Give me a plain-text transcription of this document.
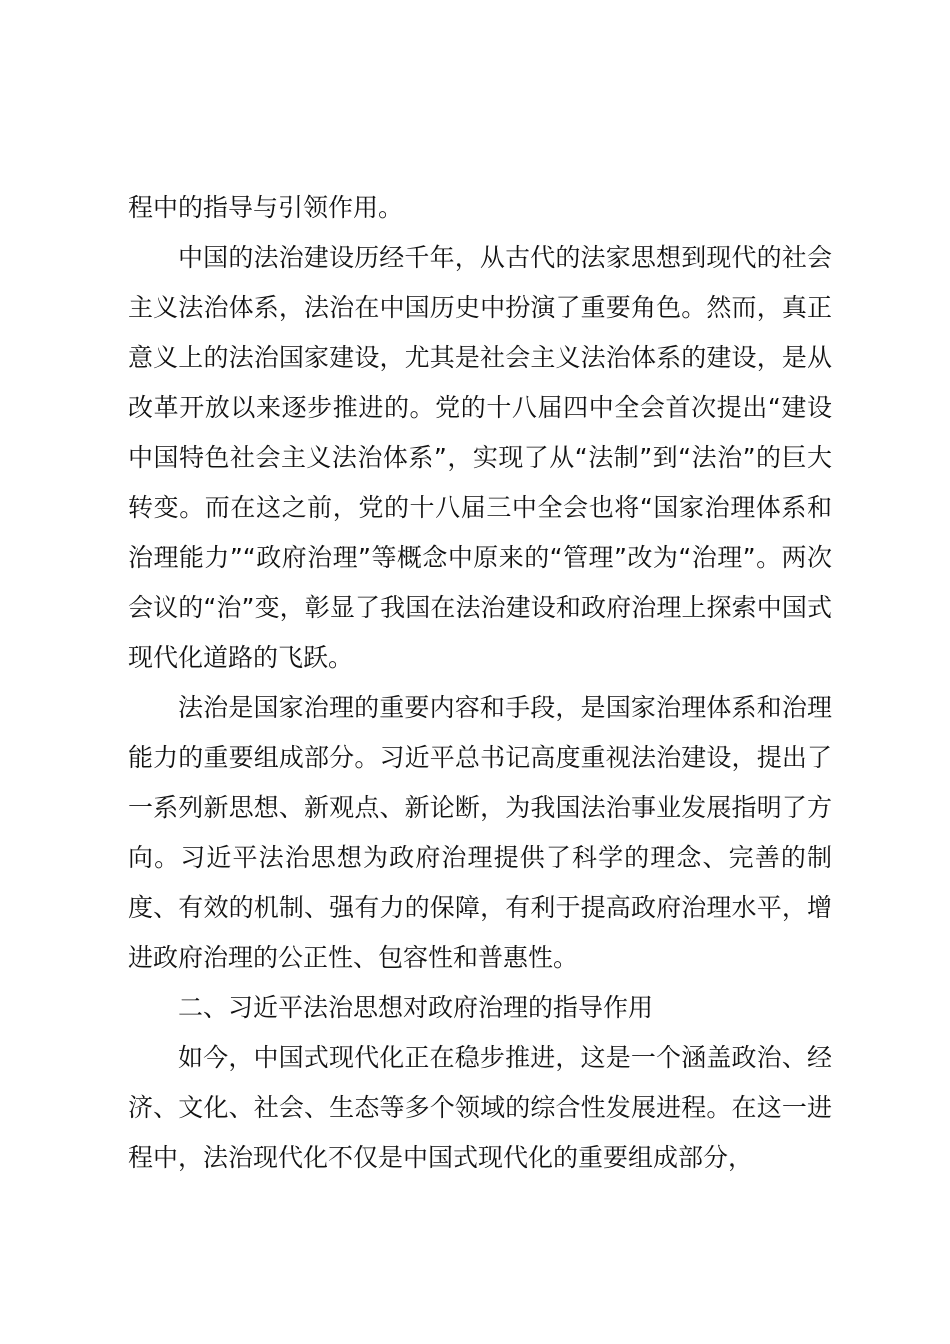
程中的指导与引领作用。

中国的法治建设历经千年，从古代的法家思想到现代的社会主义法治体系，法治在中国历史中扮演了重要角色。然而，真正意义上的法治国家建设，尤其是社会主义法治体系的建设，是从改革开放以来逐步推进的。党的十八届四中全会首次提出“建设中国特色社会主义法治体系”，实现了从“法制”到“法治”的巨大转变。而在这之前，党的十八届三中全会也将“国家治理体系和治理能力”“政府治理”等概念中原来的“管理”改为“治理”。两次会议的“治”变，彰显了我国在法治建设和政府治理上探索中国式现代化道路的飞跃。

法治是国家治理的重要内容和手段，是国家治理体系和治理能力的重要组成部分。习近平总书记高度重视法治建设，提出了一系列新思想、新观点、新论断，为我国法治事业发展指明了方向。习近平法治思想为政府治理提供了科学的理念、完善的制度、有效的机制、强有力的保障，有利于提高政府治理水平，增进政府治理的公正性、包容性和普惠性。

二、习近平法治思想对政府治理的指导作用

如今，中国式现代化正在稳步推进，这是一个涵盖政治、经济、文化、社会、生态等多个领域的综合性发展进程。在这一进程中，法治现代化不仅是中国式现代化的重要组成部分，
